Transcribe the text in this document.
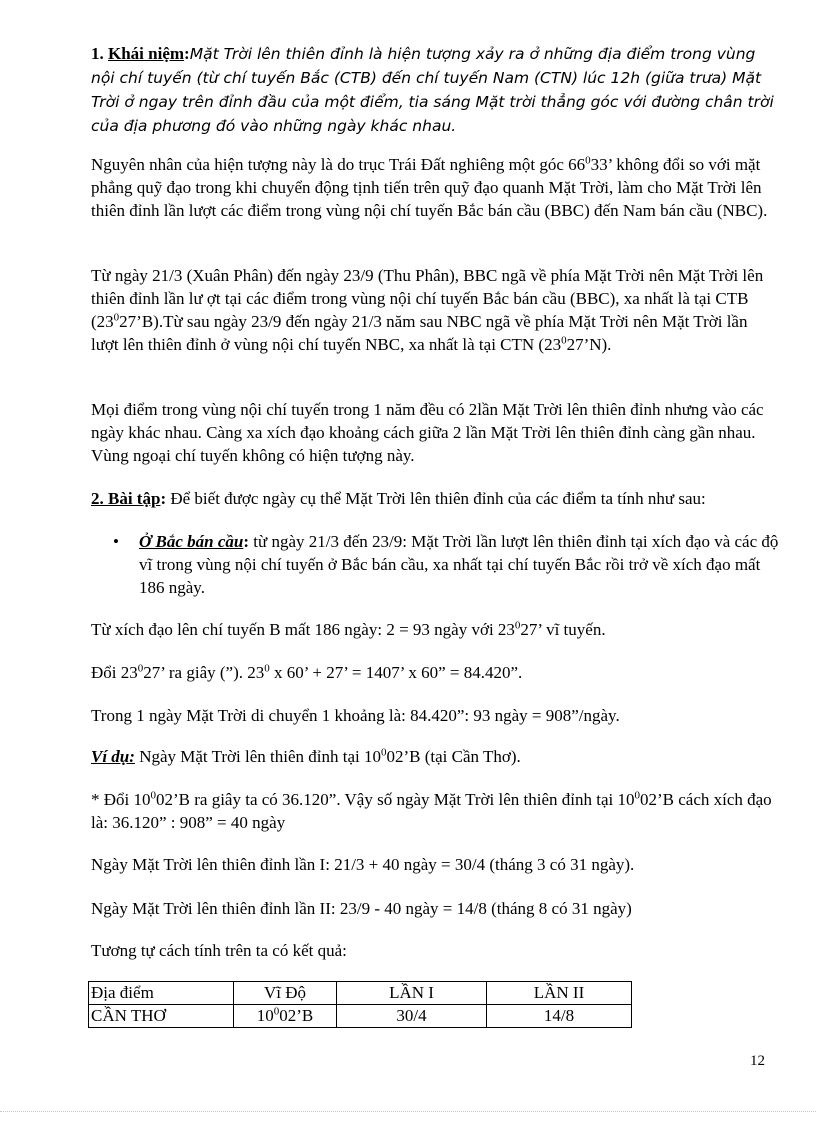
1. Khái niệm:Mặt Trời lên thiên đỉnh là hiện tượng xảy ra ở những địa điểm trong vùng nội chí tuyến (từ chí tuyến Bắc (CTB) đến chí tuyến Nam (CTN) lúc 12h (giữa trưa) Mặt Trời ở ngay trên đỉnh đầu của một điểm, tia sáng Mặt trời thẳng góc với đường chân trời của địa phương đó vào những ngày khác nhau.
Nguyên nhân của hiện tượng này là do trục Trái Đất nghiêng một góc $66^033$’ không đổi so với mặt phẳng quỹ đạo trong khi chuyển động tịnh tiến trên quỹ đạo quanh Mặt Trời, làm cho Mặt Trời lên thiên đỉnh lần lượt các điểm trong vùng nội chí tuyến Bắc bán cầu (BBC) đến Nam bán cầu (NBC).
Từ ngày 21/3 (Xuân Phân) đến ngày 23/9 (Thu Phân), BBC ngã về phía Mặt Trời nên Mặt Trời lên thiên đỉnh lần lư ợt tại các điểm trong vùng nội chí tuyến Bắc bán cầu (BBC), xa nhất là tại CTB $(23^027’B).Từ$ sau ngày 23/9 đến ngày 21/3 năm sau NBC ngã về phía Mặt Trời nên Mặt Trời lần lượt lên thiên đỉnh ở vùng nội chí tuyến NBC, xa nhất là tại CTN $(23^027’N)$.
Mọi điểm trong vùng nội chí tuyến trong 1 năm đều có 2lần Mặt Trời lên thiên đỉnh nhưng vào các ngày khác nhau. Càng xa xích đạo khoảng cách giữa 2 lần Mặt Trời lên thiên đỉnh càng gần nhau. Vùng ngoại chí tuyến không có hiện tượng này.
2. Bài tập: Để biết được ngày cụ thể Mặt Trời lên thiên đỉnh của các điểm ta tính như sau:
• Ở Bắc bán cầu: từ ngày 21/3 đến 23/9: Mặt Trời lần lượt lên thiên đỉnh tại xích đạo và các độ vĩ trong vùng nội chí tuyến ở Bắc bán cầu, xa nhất tại chí tuyến Bắc rồi trở về xích đạo mất 186 ngày.
Từ xích đạo lên chí tuyến B mất 186 ngày: 2 = 93 ngày với $23^027$’ vĩ tuyến.
Đổi $23^027$’ ra giây (”). $23^0$ x 60’ + 27’ = 1407’ x 60” = 84.420”.
Trong 1 ngày Mặt Trời di chuyển 1 khoảng là: 84.420”: 93 ngày = 908”/ngày.
Ví dụ: Ngày Mặt Trời lên thiên đỉnh tại $10^002’B$ (tại Cần Thơ).
* Đổi $10^002’B$ ra giây ta có 36.120”. Vậy số ngày Mặt Trời lên thiên đỉnh tại $10^002’B$ cách xích đạo là: 36.120” : 908” = 40 ngày
Ngày Mặt Trời lên thiên đỉnh lần I: 21/3 + 40 ngày = 30/4 (tháng 3 có 31 ngày).
Ngày Mặt Trời lên thiên đỉnh lần II: 23/9 - 40 ngày = 14/8 (tháng 8 có 31 ngày)
Tương tự cách tính trên ta có kết quả:
Địa điểm	Vĩ Độ	LẦN I	LẦN II
CẦN THƠ	$10^002’B$	30/4	14/8
12
